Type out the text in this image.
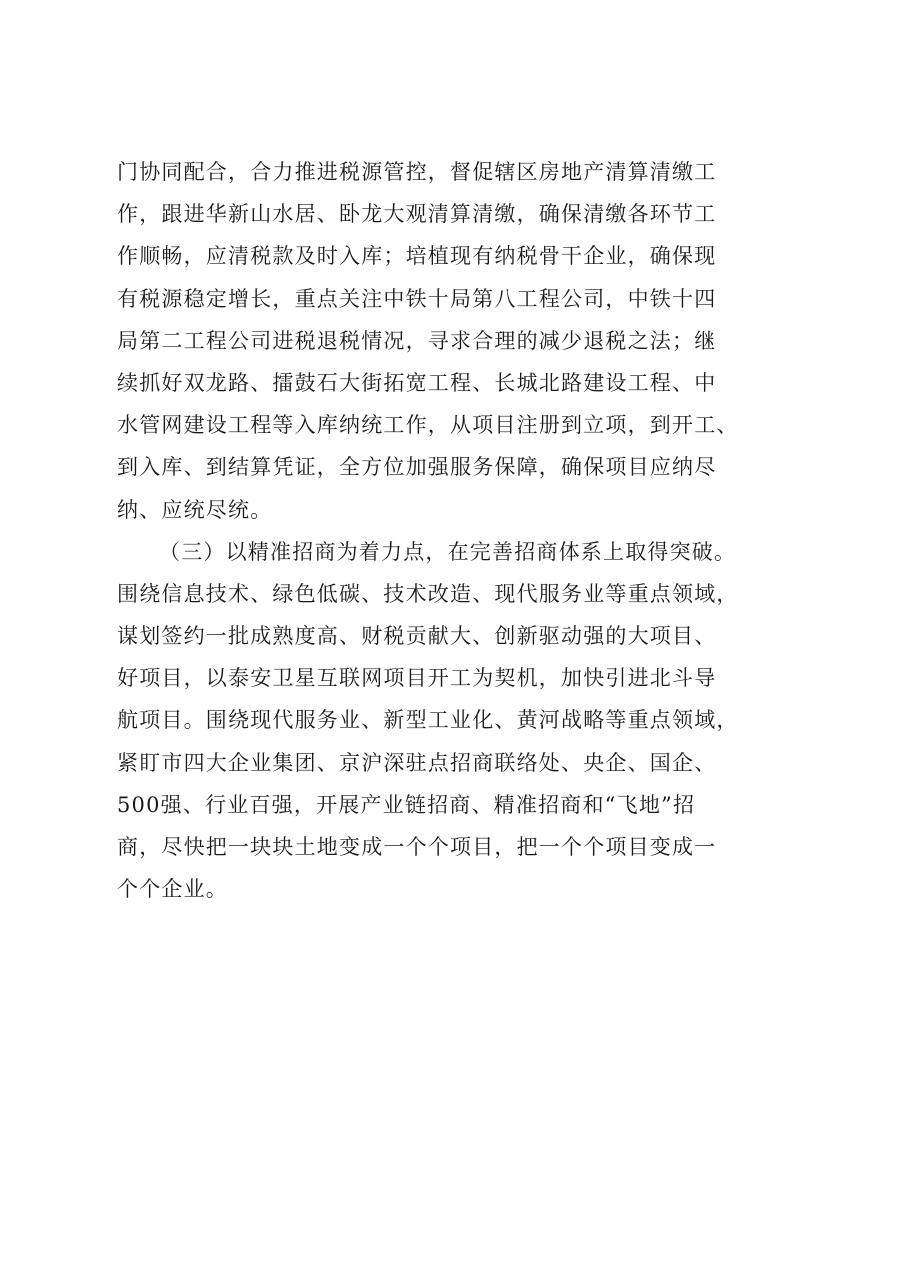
门协同配合，合力推进税源管控，督促辖区房地产清算清缴工
作，跟进华新山水居、卧龙大观清算清缴，确保清缴各环节工
作顺畅，应清税款及时入库；培植现有纳税骨干企业，确保现
有税源稳定增长，重点关注中铁十局第八工程公司，中铁十四
局第二工程公司进税退税情况，寻求合理的减少退税之法；继
续抓好双龙路、擂鼓石大街拓宽工程、长城北路建设工程、中
水管网建设工程等入库纳统工作，从项目注册到立项，到开工、
到入库、到结算凭证，全方位加强服务保障，确保项目应纳尽
纳、应统尽统。
（三）以精准招商为着力点，在完善招商体系上取得突破。
围绕信息技术、绿色低碳、技术改造、现代服务业等重点领域，
谋划签约一批成熟度高、财税贡献大、创新驱动强的大项目、
好项目，以泰安卫星互联网项目开工为契机，加快引进北斗导
航项目。围绕现代服务业、新型工业化、黄河战略等重点领域，
紧盯市四大企业集团、京沪深驻点招商联络处、央企、国企、
500强、行业百强，开展产业链招商、精准招商和“飞地”招
商，尽快把一块块土地变成一个个项目，把一个个项目变成一
个个企业。
